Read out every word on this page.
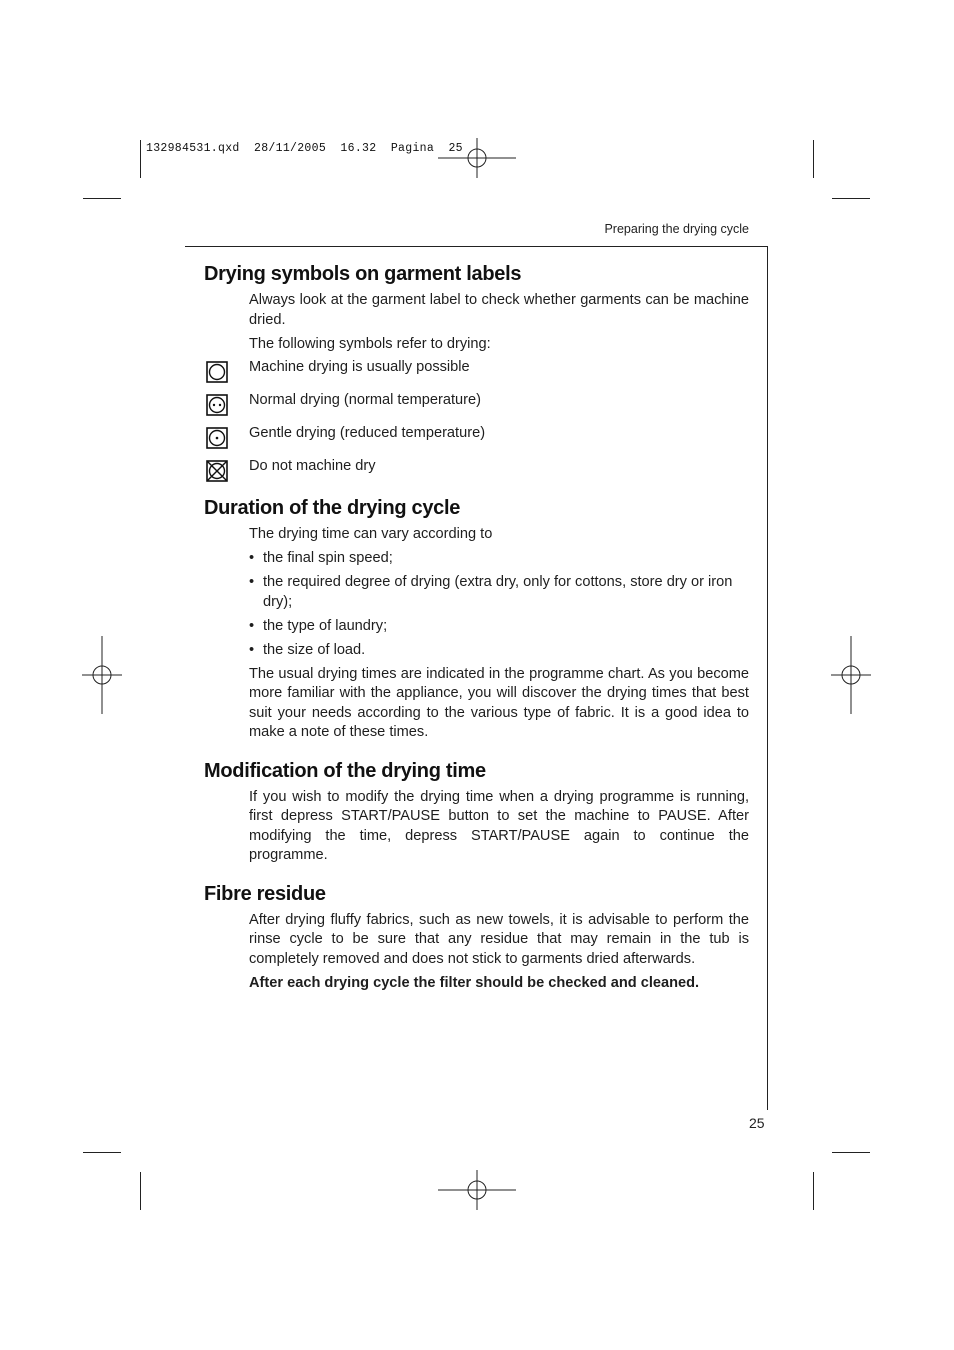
132984531.qxd  28/11/2005  16.32  Pagina  25
Preparing the drying cycle
Drying symbols on garment labels

Always look at the garment label to check whether garments can be machine dried.

The following symbols refer to drying:

Machine drying is usually possible
Normal drying (normal temperature)
Gentle drying (reduced temperature)
Do not machine dry
Duration of the drying cycle

The drying time can vary according to

• the final spin speed;
• the required degree of drying (extra dry, only for cottons, store dry or iron dry);
• the type of laundry;
• the size of load.

The usual drying times are indicated in the programme chart. As you become more familiar with the appliance, you will discover the drying times that best suit your needs according to the various type of fabric. It is a good idea to make a note of these times.

Modification of the drying time

If you wish to modify the drying time when a drying programme is running, first depress START/PAUSE button to set the machine to PAUSE. After modifying the time, depress START/PAUSE again to continue the programme.

Fibre residue

After drying fluffy fabrics, such as new towels, it is advisable to perform the rinse cycle to be sure that any residue that may remain in the tub is completely removed and does not stick to garments dried afterwards.

After each drying cycle the filter should be checked and cleaned.

25
